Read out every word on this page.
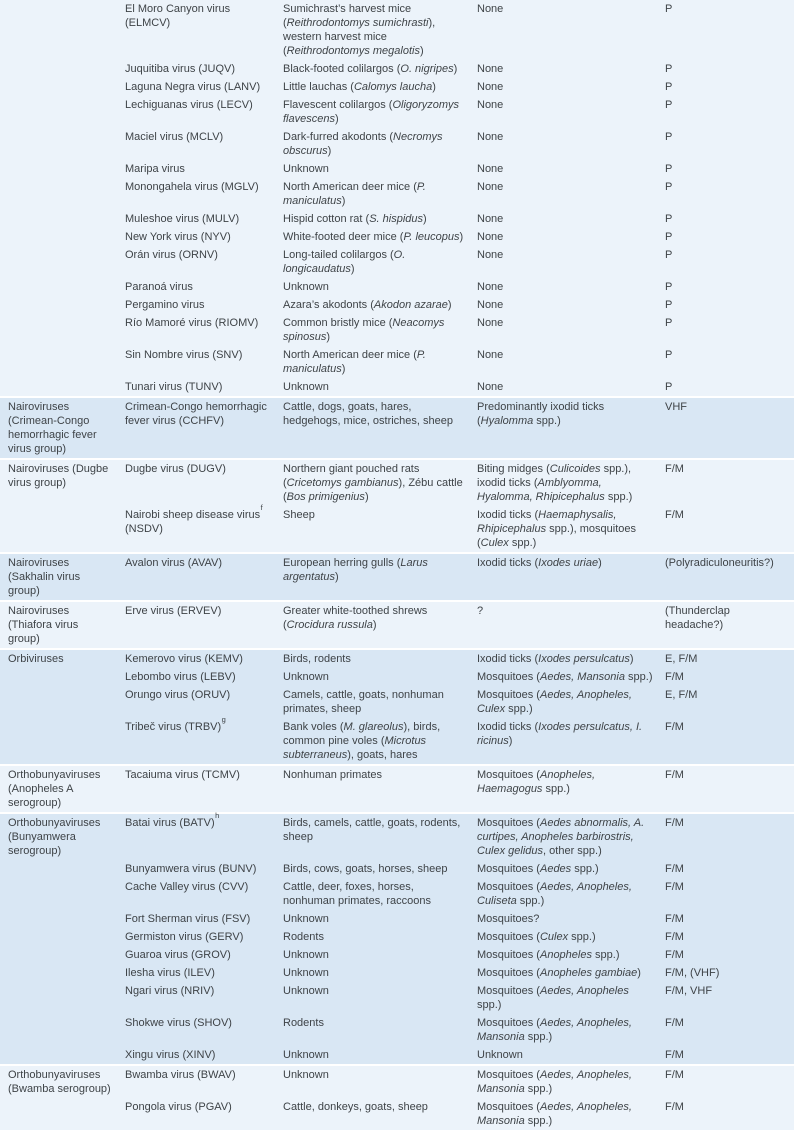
	El Moro Canyon virus (ELMCV)	Sumichrast’s harvest mice (Reithrodontomys sumichrasti), western harvest mice (Reithrodontomys megalotis)	None	P
	Juquitiba virus (JUQV)	Black-footed colilargos (O. nigripes)	None	P
	Laguna Negra virus (LANV)	Little lauchas (Calomys laucha)	None	P
	Lechiguanas virus (LECV)	Flavescent colilargos (Oligoryzomys flavescens)	None	P
	Maciel virus (MCLV)	Dark-furred akodonts (Necromys obscurus)	None	P
	Maripa virus	Unknown	None	P
	Monongahela virus (MGLV)	North American deer mice (P. maniculatus)	None	P
	Muleshoe virus (MULV)	Hispid cotton rat (S. hispidus)	None	P
	New York virus (NYV)	White-footed deer mice (P. leucopus)	None	P
	Orán virus (ORNV)	Long-tailed colilargos (O. longicaudatus)	None	P
	Paranoá virus	Unknown	None	P
	Pergamino virus	Azara’s akodonts (Akodon azarae)	None	P
	Río Mamoré virus (RIOMV)	Common bristly mice (Neacomys spinosus)	None	P
	Sin Nombre virus (SNV)	North American deer mice (P. maniculatus)	None	P
	Tunari virus (TUNV)	Unknown	None	P
Nairoviruses (Crimean-Congo hemorrhagic fever virus group)	Crimean-Congo hemorrhagic fever virus (CCHFV)	Cattle, dogs, goats, hares, hedgehogs, mice, ostriches, sheep	Predominantly ixodid ticks (Hyalomma spp.)	VHF
Nairoviruses (Dugbe virus group)	Dugbe virus (DUGV)	Northern giant pouched rats (Cricetomys gambianus), Zébu cattle (Bos primigenius)	Biting midges (Culicoides spp.), ixodid ticks (Amblyomma, Hyalomma, Rhipicephalus spp.)	F/M
	Nairobi sheep disease virus$^f$ (NSDV)	Sheep	Ixodid ticks (Haemaphysalis, Rhipicephalus spp.), mosquitoes (Culex spp.)	F/M
Nairoviruses (Sakhalin virus group)	Avalon virus (AVAV)	European herring gulls (Larus argentatus)	Ixodid ticks (Ixodes uriae)	(Polyradiculoneuritis?)
Nairoviruses (Thiafora virus group)	Erve virus (ERVEV)	Greater white-toothed shrews (Crocidura russula)	?	(Thunderclap headache?)
Orbiviruses	Kemerovo virus (KEMV)	Birds, rodents	Ixodid ticks (Ixodes persulcatus)	E, F/M
	Lebombo virus (LEBV)	Unknown	Mosquitoes (Aedes, Mansonia spp.)	F/M
	Orungo virus (ORUV)	Camels, cattle, goats, nonhuman primates, sheep	Mosquitoes (Aedes, Anopheles, Culex spp.)	E, F/M
	Tribeč virus (TRBV)$^g$	Bank voles (M. glareolus), birds, common pine voles (Microtus subterraneus), goats, hares	Ixodid ticks (Ixodes persulcatus, I. ricinus)	F/M
Orthobunyaviruses (Anopheles A serogroup)	Tacaiuma virus (TCMV)	Nonhuman primates	Mosquitoes (Anopheles, Haemagogus spp.)	F/M
Orthobunyaviruses (Bunyamwera serogroup)	Batai virus (BATV)$^h$	Birds, camels, cattle, goats, rodents, sheep	Mosquitoes (Aedes abnormalis, A. curtipes, Anopheles barbirostris, Culex gelidus, other spp.)	F/M
	Bunyamwera virus (BUNV)	Birds, cows, goats, horses, sheep	Mosquitoes (Aedes spp.)	F/M
	Cache Valley virus (CVV)	Cattle, deer, foxes, horses, nonhuman primates, raccoons	Mosquitoes (Aedes, Anopheles, Culiseta spp.)	F/M
	Fort Sherman virus (FSV)	Unknown	Mosquitoes?	F/M
	Germiston virus (GERV)	Rodents	Mosquitoes (Culex spp.)	F/M
	Guaroa virus (GROV)	Unknown	Mosquitoes (Anopheles spp.)	F/M
	Ilesha virus (ILEV)	Unknown	Mosquitoes (Anopheles gambiae)	F/M, (VHF)
	Ngari virus (NRIV)	Unknown	Mosquitoes (Aedes, Anopheles spp.)	F/M, VHF
	Shokwe virus (SHOV)	Rodents	Mosquitoes (Aedes, Anopheles, Mansonia spp.)	F/M
	Xingu virus (XINV)	Unknown	Unknown	F/M
Orthobunyaviruses (Bwamba serogroup)	Bwamba virus (BWAV)	Unknown	Mosquitoes (Aedes, Anopheles, Mansonia spp.)	F/M
	Pongola virus (PGAV)	Cattle, donkeys, goats, sheep	Mosquitoes (Aedes, Anopheles, Mansonia spp.)	F/M
